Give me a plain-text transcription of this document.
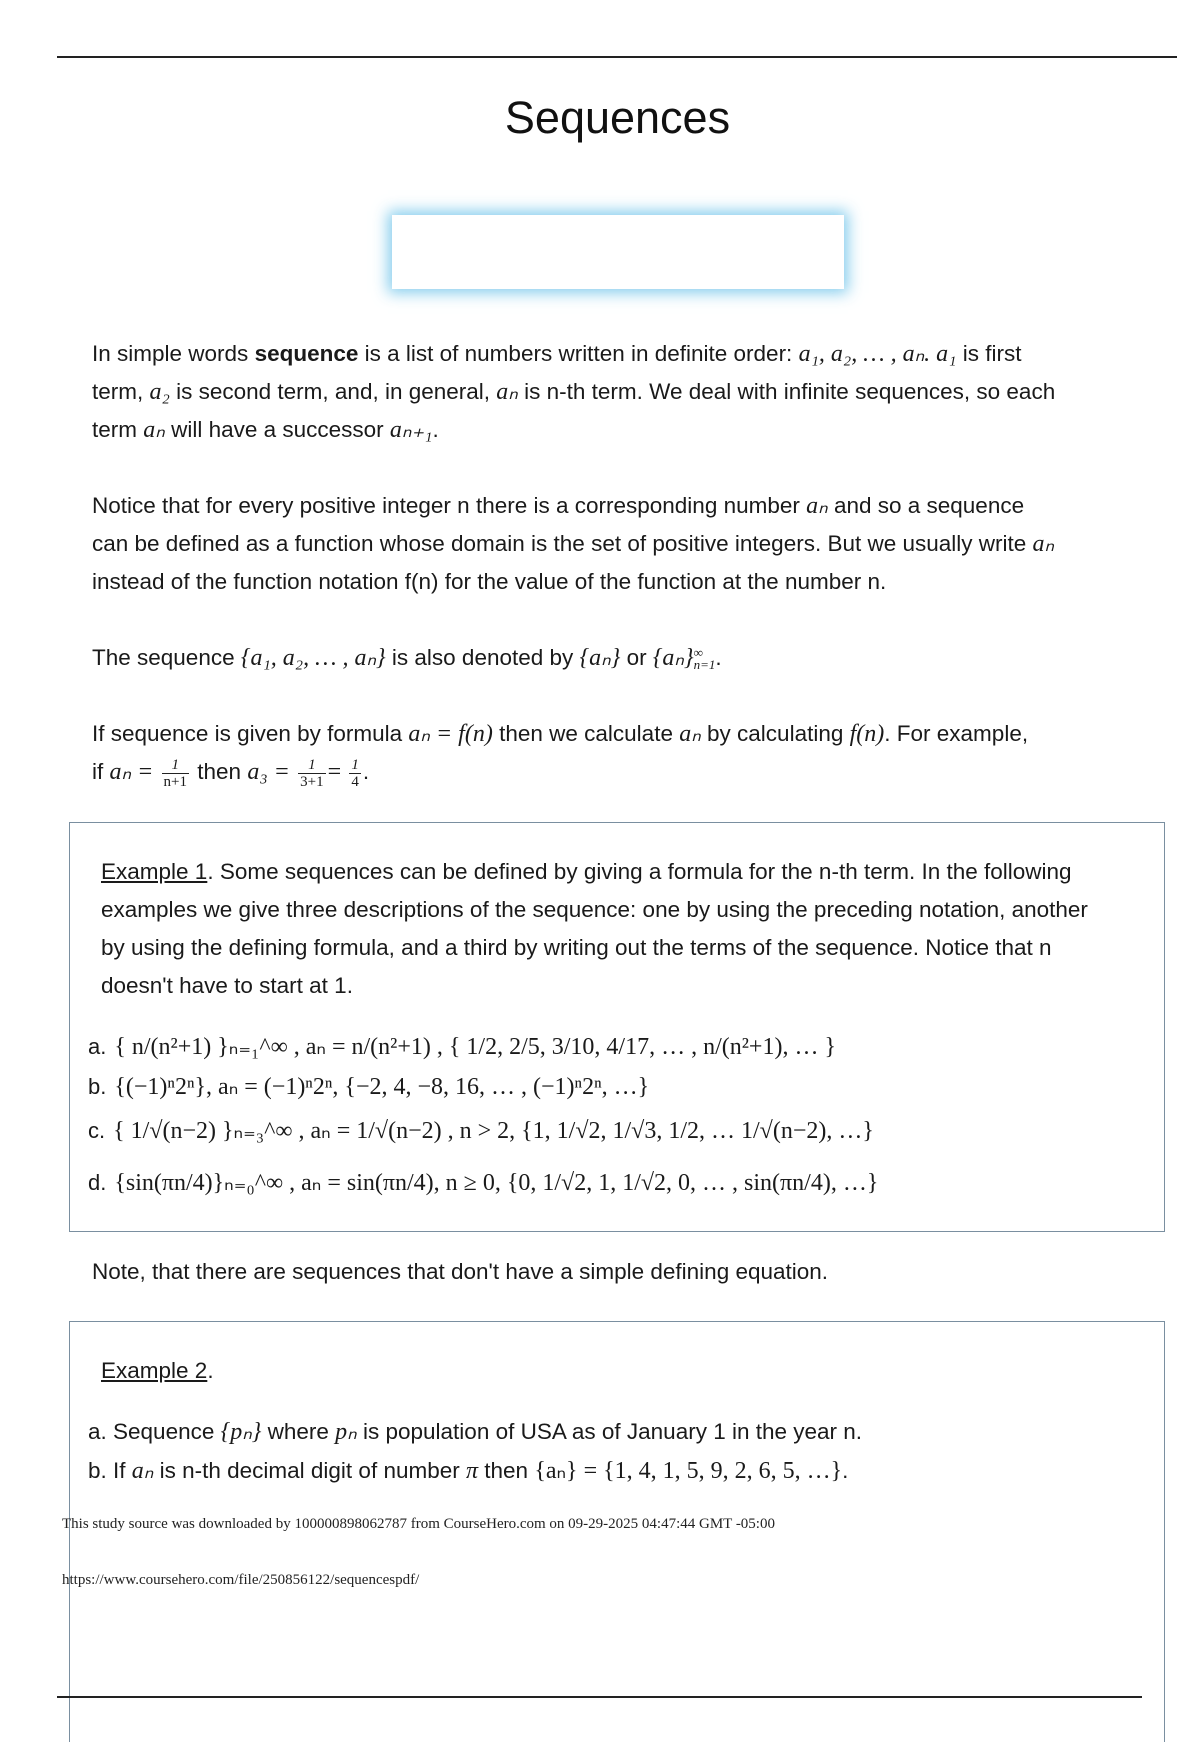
Sequences
In simple words sequence is a list of numbers written in definite order: a₁, a₂, … , aₙ. a₁ is first
term, a₂ is second term, and, in general, aₙ is n-th term. We deal with infinite sequences, so each
term aₙ will have a successor aₙ₊₁.
Notice that for every positive integer n there is a corresponding number aₙ and so a sequence
can be defined as a function whose domain is the set of positive integers. But we usually write aₙ
instead of the function notation f(n) for the value of the function at the number n.
The sequence {a₁, a₂, … , aₙ} is also denoted by {aₙ} or {aₙ} ∞
n=1 .
If sequence is given by formula aₙ = f(n) then we calculate aₙ by calculating f(n). For example,
if $a_n = \frac{1}{n+1}$ then $a_3 = \frac{1}{3+1} = \frac{1}{4}$ .
Example 1. Some sequences can be defined by giving a formula for the n-th term. In the following examples we give three descriptions of the sequence: one by using the preceding notation, another by using the defining formula, and a third by writing out the terms of the sequence. Notice that n doesn't have to start at 1.
a. { n/(n²+1) }ₙ₌₁^∞ , aₙ = n/(n²+1) , { 1/2, 2/5, 3/10, 4/17, … , n/(n²+1), … }
b. {(−1)ⁿ2ⁿ}, aₙ = (−1)ⁿ2ⁿ, {−2, 4, −8, 16, … , (−1)ⁿ2ⁿ, …}
c. { 1/√(n−2) }ₙ₌₃^∞ , aₙ = 1/√(n−2) , n > 2, {1, 1/√2, 1/√3, 1/2, … 1/√(n−2), …}
d. {sin(πn/4)}ₙ₌₀^∞ , aₙ = sin(πn/4), n ≥ 0, {0, 1/√2, 1, 1/√2, 0, … , sin(πn/4), …}
Note, that there are sequences that don't have a simple defining equation.
Example 2.
a. Sequence {pₙ} where pₙ is population of USA as of January 1 in the year n.
b. If aₙ is n-th decimal digit of number π then {aₙ} = {1, 4, 1, 5, 9, 2, 6, 5, …}.
This study source was downloaded by 100000898062787 from CourseHero.com on 09-29-2025 04:47:44 GMT -05:00
https://www.coursehero.com/file/250856122/sequencespdf/
